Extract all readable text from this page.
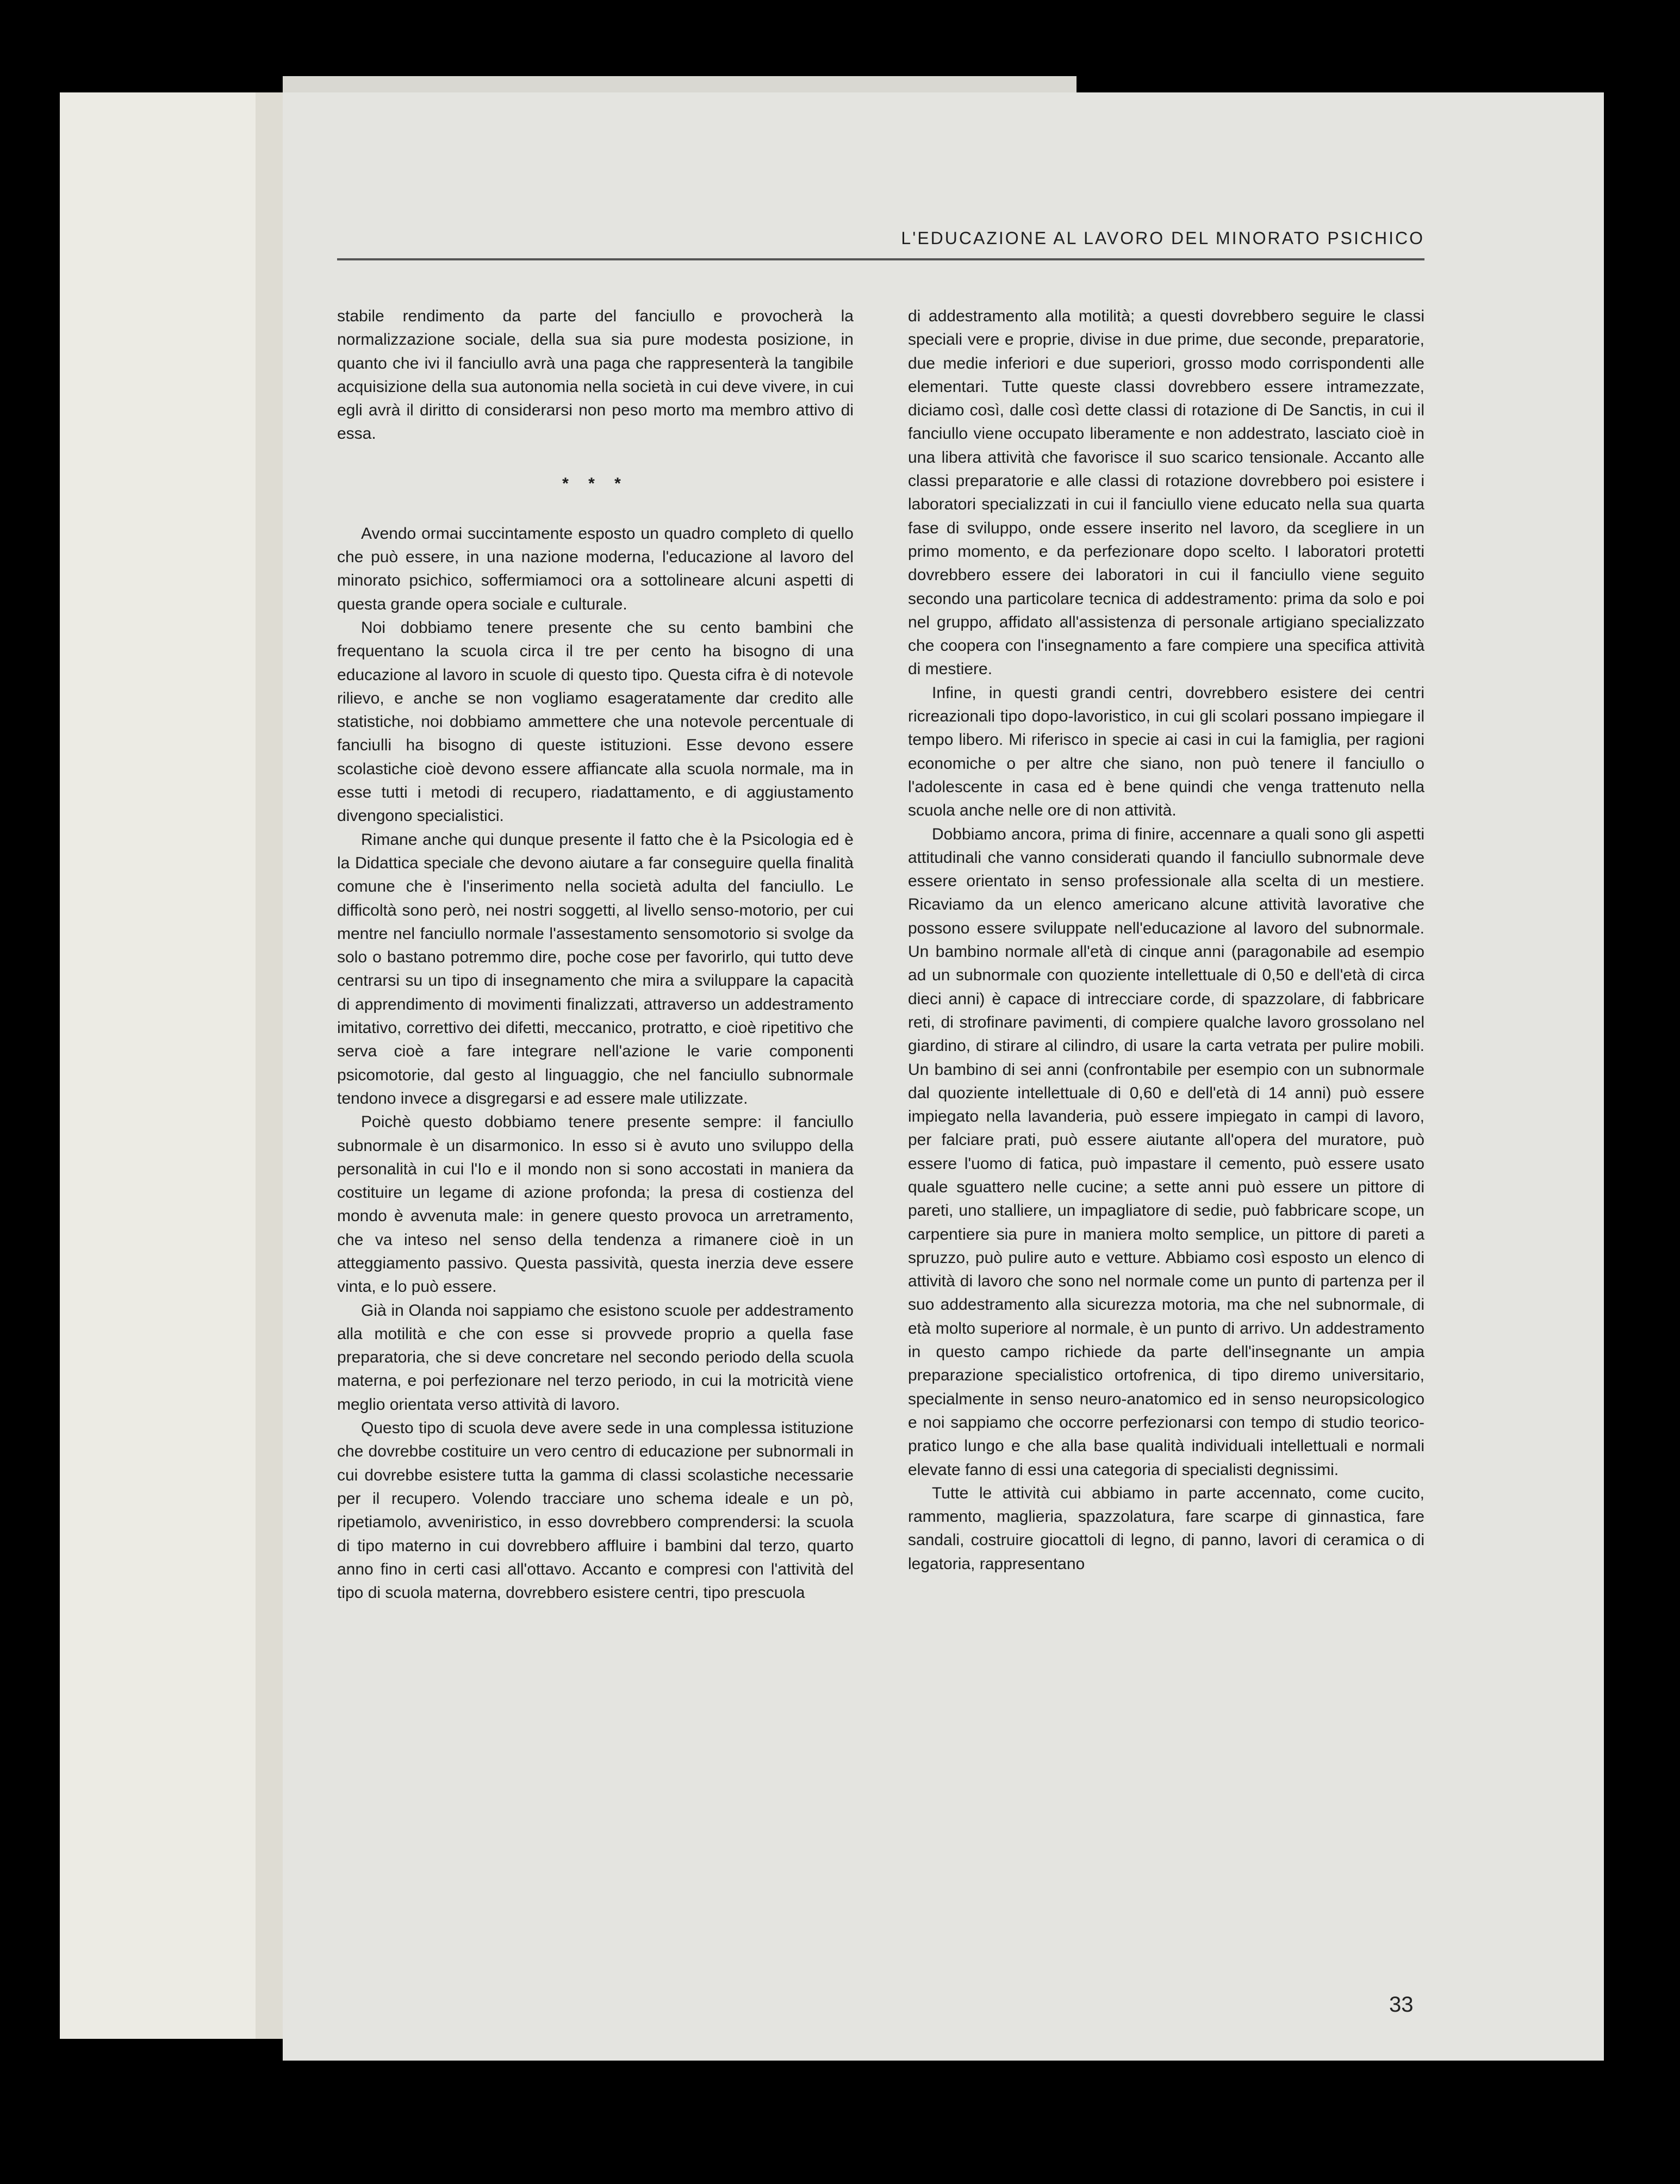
L'EDUCAZIONE AL LAVORO DEL MINORATO PSICHICO

stabile rendimento da parte del fanciullo e provocherà la normalizzazione sociale, della sua sia pure modesta posizione, in quanto che ivi il fanciullo avrà una paga che rappresenterà la tangibile acquisizione della sua autonomia nella società in cui deve vivere, in cui egli avrà il diritto di considerarsi non peso morto ma membro attivo di essa.

* * *

Avendo ormai succintamente esposto un quadro completo di quello che può essere, in una nazione moderna, l'educazione al lavoro del minorato psichico, soffermiamoci ora a sottolineare alcuni aspetti di questa grande opera sociale e culturale.

Noi dobbiamo tenere presente che su cento bambini che frequentano la scuola circa il tre per cento ha bisogno di una educazione al lavoro in scuole di questo tipo. Questa cifra è di notevole rilievo, e anche se non vogliamo esageratamente dar credito alle statistiche, noi dobbiamo ammettere che una notevole percentuale di fanciulli ha bisogno di queste istituzioni. Esse devono essere scolastiche cioè devono essere affiancate alla scuola normale, ma in esse tutti i metodi di recupero, riadattamento, e di aggiustamento divengono specialistici.

Rimane anche qui dunque presente il fatto che è la Psicologia ed è la Didattica speciale che devono aiutare a far conseguire quella finalità comune che è l'inserimento nella società adulta del fanciullo. Le difficoltà sono però, nei nostri soggetti, al livello senso-motorio, per cui mentre nel fanciullo normale l'assestamento sensomotorio si svolge da solo o bastano potremmo dire, poche cose per favorirlo, qui tutto deve centrarsi su un tipo di insegnamento che mira a sviluppare la capacità di apprendimento di movimenti finalizzati, attraverso un addestramento imitativo, correttivo dei difetti, meccanico, protratto, e cioè ripetitivo che serva cioè a fare integrare nell'azione le varie componenti psicomotorie, dal gesto al linguaggio, che nel fanciullo subnormale tendono invece a disgregarsi e ad essere male utilizzate.

Poichè questo dobbiamo tenere presente sempre: il fanciullo subnormale è un disarmonico. In esso si è avuto uno sviluppo della personalità in cui l'Io e il mondo non si sono accostati in maniera da costituire un legame di azione profonda; la presa di costienza del mondo è avvenuta male: in genere questo provoca un arretramento, che va inteso nel senso della tendenza a rimanere cioè in un atteggiamento passivo. Questa passività, questa inerzia deve essere vinta, e lo può essere.

Già in Olanda noi sappiamo che esistono scuole per addestramento alla motilità e che con esse si provvede proprio a quella fase preparatoria, che si deve concretare nel secondo periodo della scuola materna, e poi perfezionare nel terzo periodo, in cui la motricità viene meglio orientata verso attività di lavoro.

Questo tipo di scuola deve avere sede in una complessa istituzione che dovrebbe costituire un vero centro di educazione per subnormali in cui dovrebbe esistere tutta la gamma di classi scolastiche necessarie per il recupero. Volendo tracciare uno schema ideale e un pò, ripetiamolo, avveniristico, in esso dovrebbero comprendersi: la scuola di tipo materno in cui dovrebbero affluire i bambini dal terzo, quarto anno fino in certi casi all'ottavo. Accanto e compresi con l'attività del tipo di scuola materna, dovrebbero esistere centri, tipo prescuola

di addestramento alla motilità; a questi dovrebbero seguire le classi speciali vere e proprie, divise in due prime, due seconde, preparatorie, due medie inferiori e due superiori, grosso modo corrispondenti alle elementari. Tutte queste classi dovrebbero essere intramezzate, diciamo così, dalle così dette classi di rotazione di De Sanctis, in cui il fanciullo viene occupato liberamente e non addestrato, lasciato cioè in una libera attività che favorisce il suo scarico tensionale. Accanto alle classi preparatorie e alle classi di rotazione dovrebbero poi esistere i laboratori specializzati in cui il fanciullo viene educato nella sua quarta fase di sviluppo, onde essere inserito nel lavoro, da scegliere in un primo momento, e da perfezionare dopo scelto. I laboratori protetti dovrebbero essere dei laboratori in cui il fanciullo viene seguito secondo una particolare tecnica di addestramento: prima da solo e poi nel gruppo, affidato all'assistenza di personale artigiano specializzato che coopera con l'insegnamento a fare compiere una specifica attività di mestiere.

Infine, in questi grandi centri, dovrebbero esistere dei centri ricreazionali tipo dopo-lavoristico, in cui gli scolari possano impiegare il tempo libero. Mi riferisco in specie ai casi in cui la famiglia, per ragioni economiche o per altre che siano, non può tenere il fanciullo o l'adolescente in casa ed è bene quindi che venga trattenuto nella scuola anche nelle ore di non attività.

Dobbiamo ancora, prima di finire, accennare a quali sono gli aspetti attitudinali che vanno considerati quando il fanciullo subnormale deve essere orientato in senso professionale alla scelta di un mestiere. Ricaviamo da un elenco americano alcune attività lavorative che possono essere sviluppate nell'educazione al lavoro del subnormale. Un bambino normale all'età di cinque anni (paragonabile ad esempio ad un subnormale con quoziente intellettuale di 0,50 e dell'età di circa dieci anni) è capace di intrecciare corde, di spazzolare, di fabbricare reti, di strofinare pavimenti, di compiere qualche lavoro grossolano nel giardino, di stirare al cilindro, di usare la carta vetrata per pulire mobili. Un bambino di sei anni (confrontabile per esempio con un subnormale dal quoziente intellettuale di 0,60 e dell'età di 14 anni) può essere impiegato nella lavanderia, può essere impiegato in campi di lavoro, per falciare prati, può essere aiutante all'opera del muratore, può essere l'uomo di fatica, può impastare il cemento, può essere usato quale sguattero nelle cucine; a sette anni può essere un pittore di pareti, uno stalliere, un impagliatore di sedie, può fabbricare scope, un carpentiere sia pure in maniera molto semplice, un pittore di pareti a spruzzo, può pulire auto e vetture. Abbiamo così esposto un elenco di attività di lavoro che sono nel normale come un punto di partenza per il suo addestramento alla sicurezza motoria, ma che nel subnormale, di età molto superiore al normale, è un punto di arrivo. Un addestramento in questo campo richiede da parte dell'insegnante un ampia preparazione specialistico ortofrenica, di tipo diremo universitario, specialmente in senso neuro-anatomico ed in senso neuropsicologico e noi sappiamo che occorre perfezionarsi con tempo di studio teorico-pratico lungo e che alla base qualità individuali intellettuali e normali elevate fanno di essi una categoria di specialisti degnissimi.

Tutte le attività cui abbiamo in parte accennato, come cucito, rammento, maglieria, spazzolatura, fare scarpe di ginnastica, fare sandali, costruire giocattoli di legno, di panno, lavori di ceramica o di legatoria, rappresentano

33
